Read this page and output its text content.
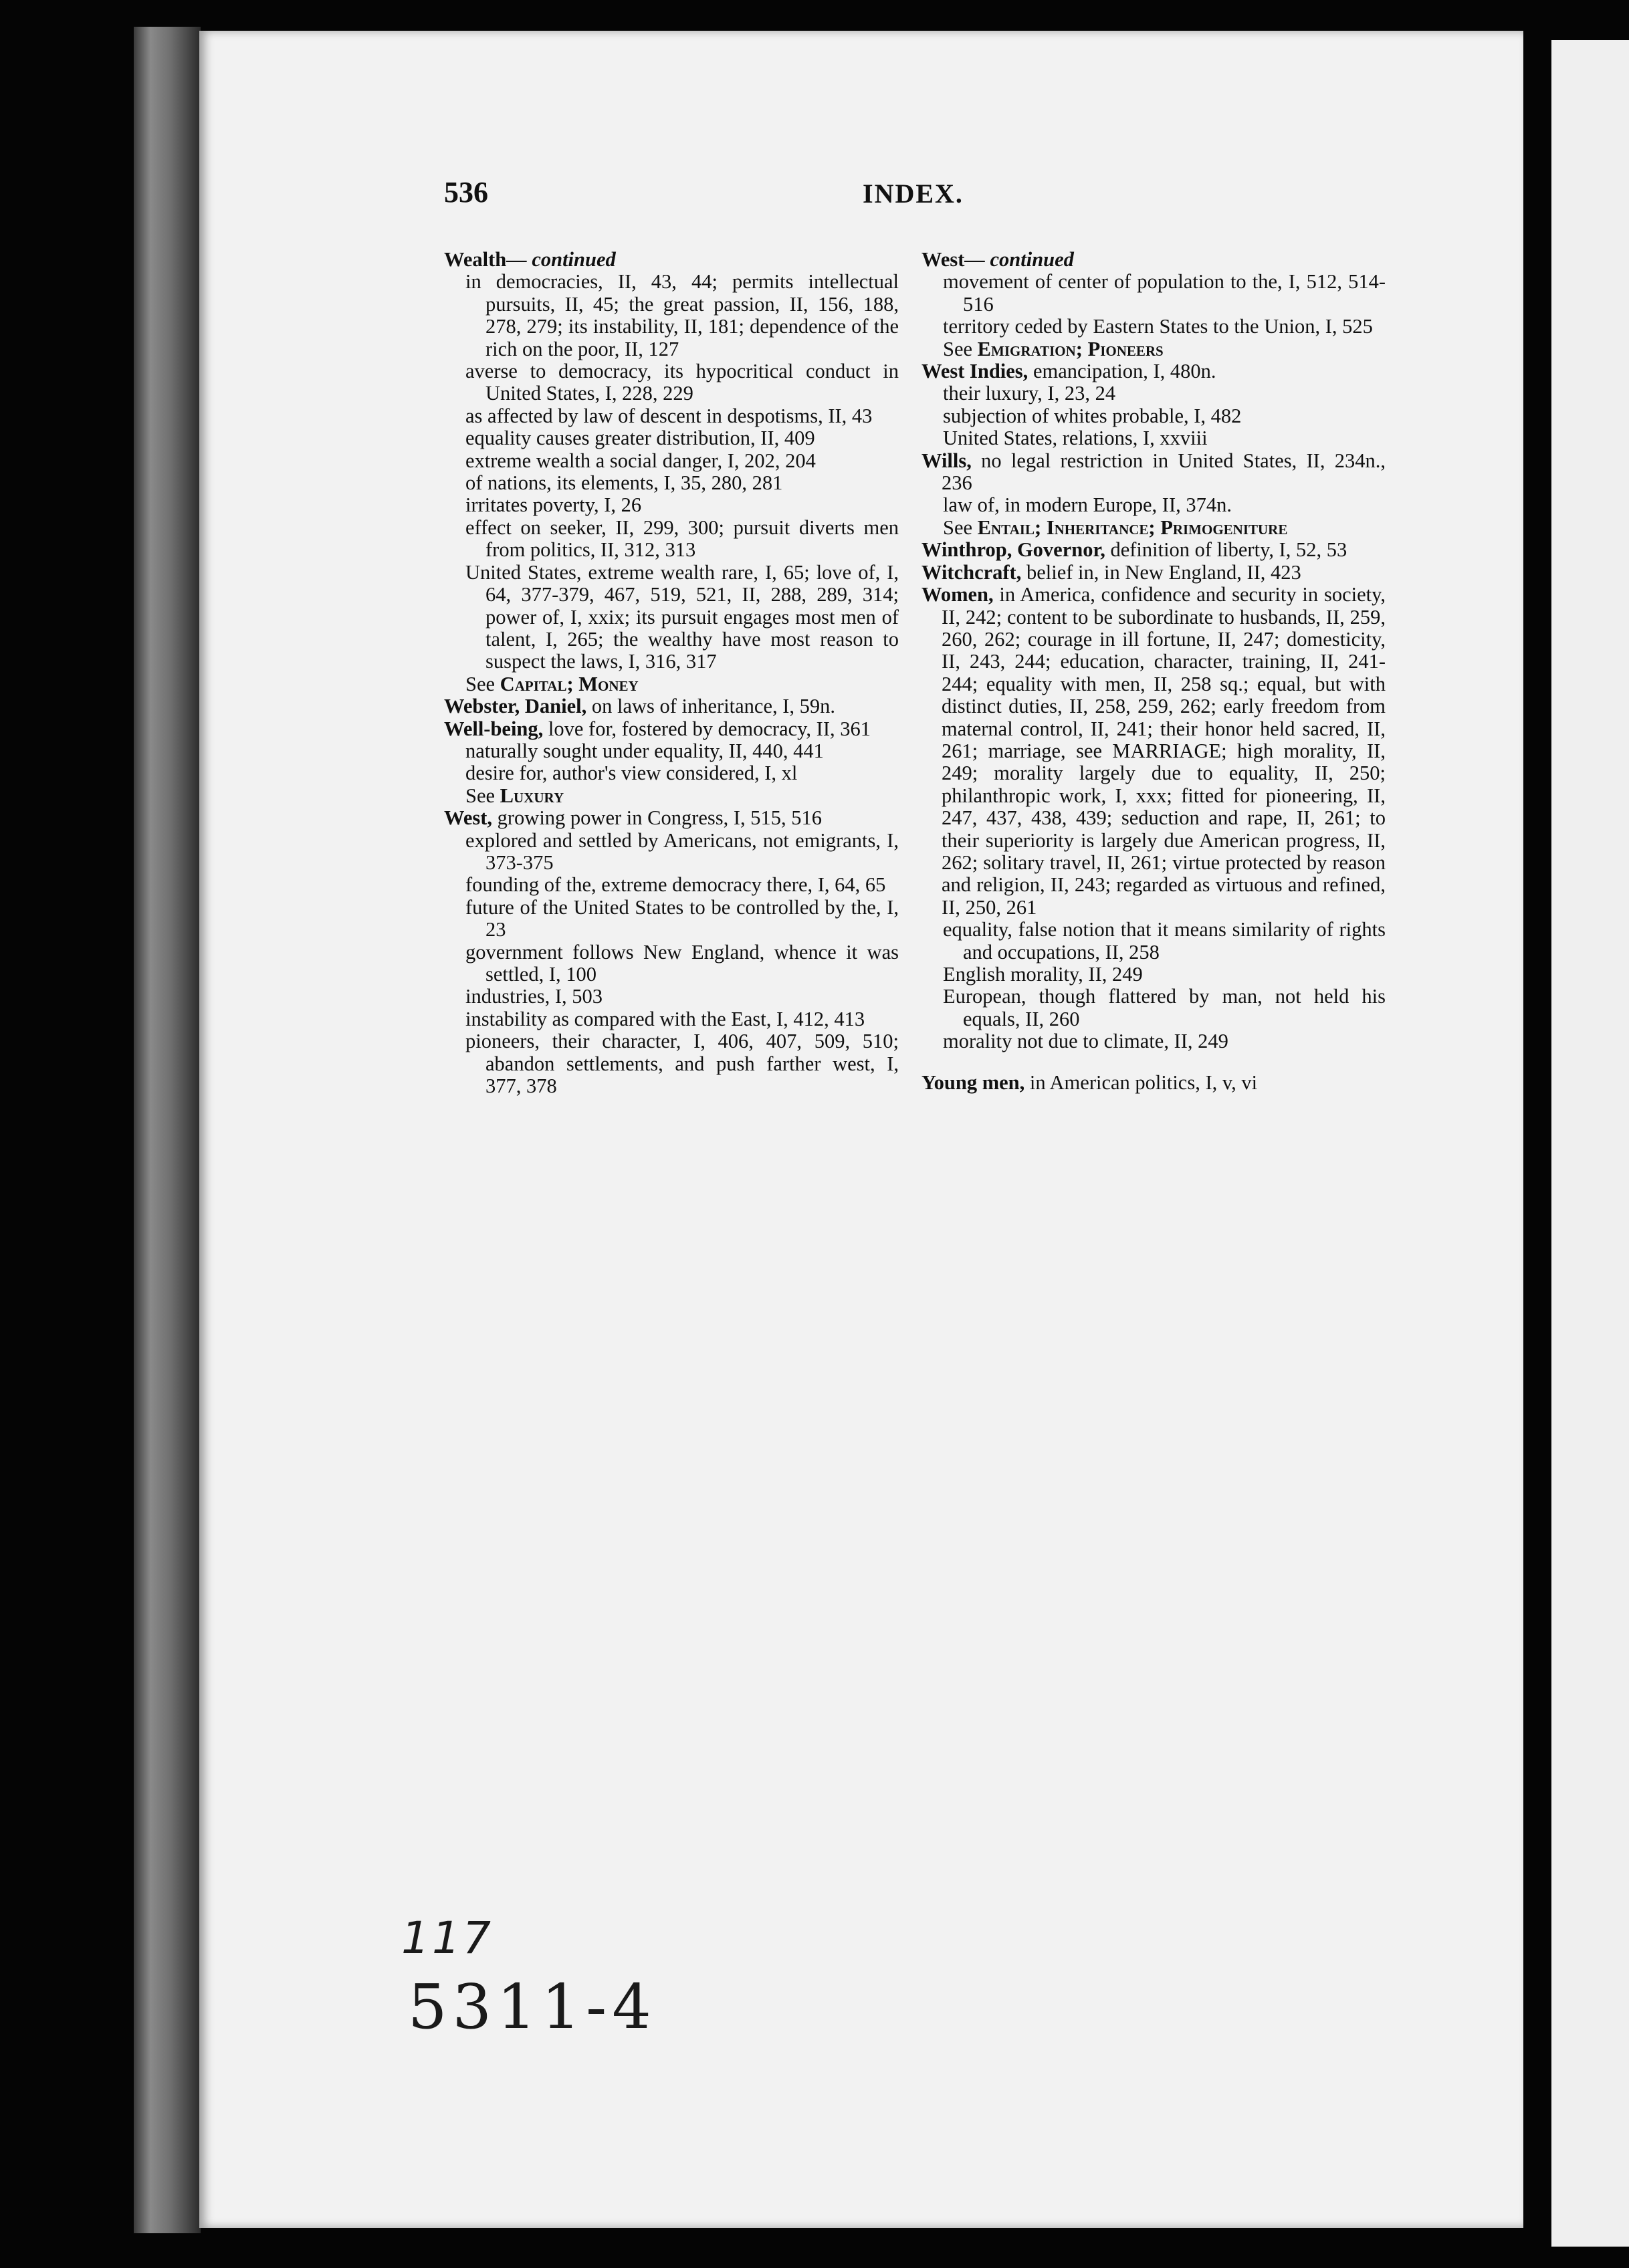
536	INDEX.

Wealth— continued

in democracies, II, 43, 44; permits intellectual pursuits, II, 45; the great passion, II, 156, 188, 278, 279; its instability, II, 181; dependence of the rich on the poor, II, 127

averse to democracy, its hypocritical conduct in United States, I, 228, 229

as affected by law of descent in despotisms, II, 43

equality causes greater distribution, II, 409

extreme wealth a social danger, I, 202, 204

of nations, its elements, I, 35, 280, 281

irritates poverty, I, 26

effect on seeker, II, 299, 300; pursuit diverts men from politics, II, 312, 313

United States, extreme wealth rare, I, 65; love of, I, 64, 377-379, 467, 519, 521, II, 288, 289, 314; power of, I, xxix; its pursuit engages most men of talent, I, 265; the wealthy have most reason to suspect the laws, I, 316, 317

See Capital; Money

Webster, Daniel, on laws of inheritance, I, 59n.

Well-being, love for, fostered by democracy, II, 361

naturally sought under equality, II, 440, 441

desire for, author's view considered, I, xl

See Luxury

West, growing power in Congress, I, 515, 516

explored and settled by Americans, not emigrants, I, 373-375

founding of the, extreme democracy there, I, 64, 65

future of the United States to be controlled by the, I, 23

government follows New England, whence it was settled, I, 100

industries, I, 503

instability as compared with the East, I, 412, 413

pioneers, their character, I, 406, 407, 509, 510; abandon settlements, and push farther west, I, 377, 378

West— continued

movement of center of population to the, I, 512, 514-516

territory ceded by Eastern States to the Union, I, 525

See Emigration; Pioneers

West Indies, emancipation, I, 480n.

their luxury, I, 23, 24

subjection of whites probable, I, 482

United States, relations, I, xxviii

Wills, no legal restriction in United States, II, 234n., 236

law of, in modern Europe, II, 374n.

See Entail; Inheritance; Primogeniture

Winthrop, Governor, definition of liberty, I, 52, 53

Witchcraft, belief in, in New England, II, 423

Women, in America, confidence and security in society, II, 242; content to be subordinate to husbands, II, 259, 260, 262; courage in ill fortune, II, 247; domesticity, II, 243, 244; education, character, training, II, 241-244; equality with men, II, 258 sq.; equal, but with distinct duties, II, 258, 259, 262; early freedom from maternal control, II, 241; their honor held sacred, II, 261; marriage, see MARRIAGE; high morality, II, 249; morality largely due to equality, II, 250; philanthropic work, I, xxx; fitted for pioneering, II, 247, 437, 438, 439; seduction and rape, II, 261; to their superiority is largely due American progress, II, 262; solitary travel, II, 261; virtue protected by reason and religion, II, 243; regarded as virtuous and refined, II, 250, 261

equality, false notion that it means similarity of rights and occupations, II, 258

English morality, II, 249

European, though flattered by man, not held his equals, II, 260

morality not due to climate, II, 249

Young men, in American politics, I, v, vi

117
5311-4
